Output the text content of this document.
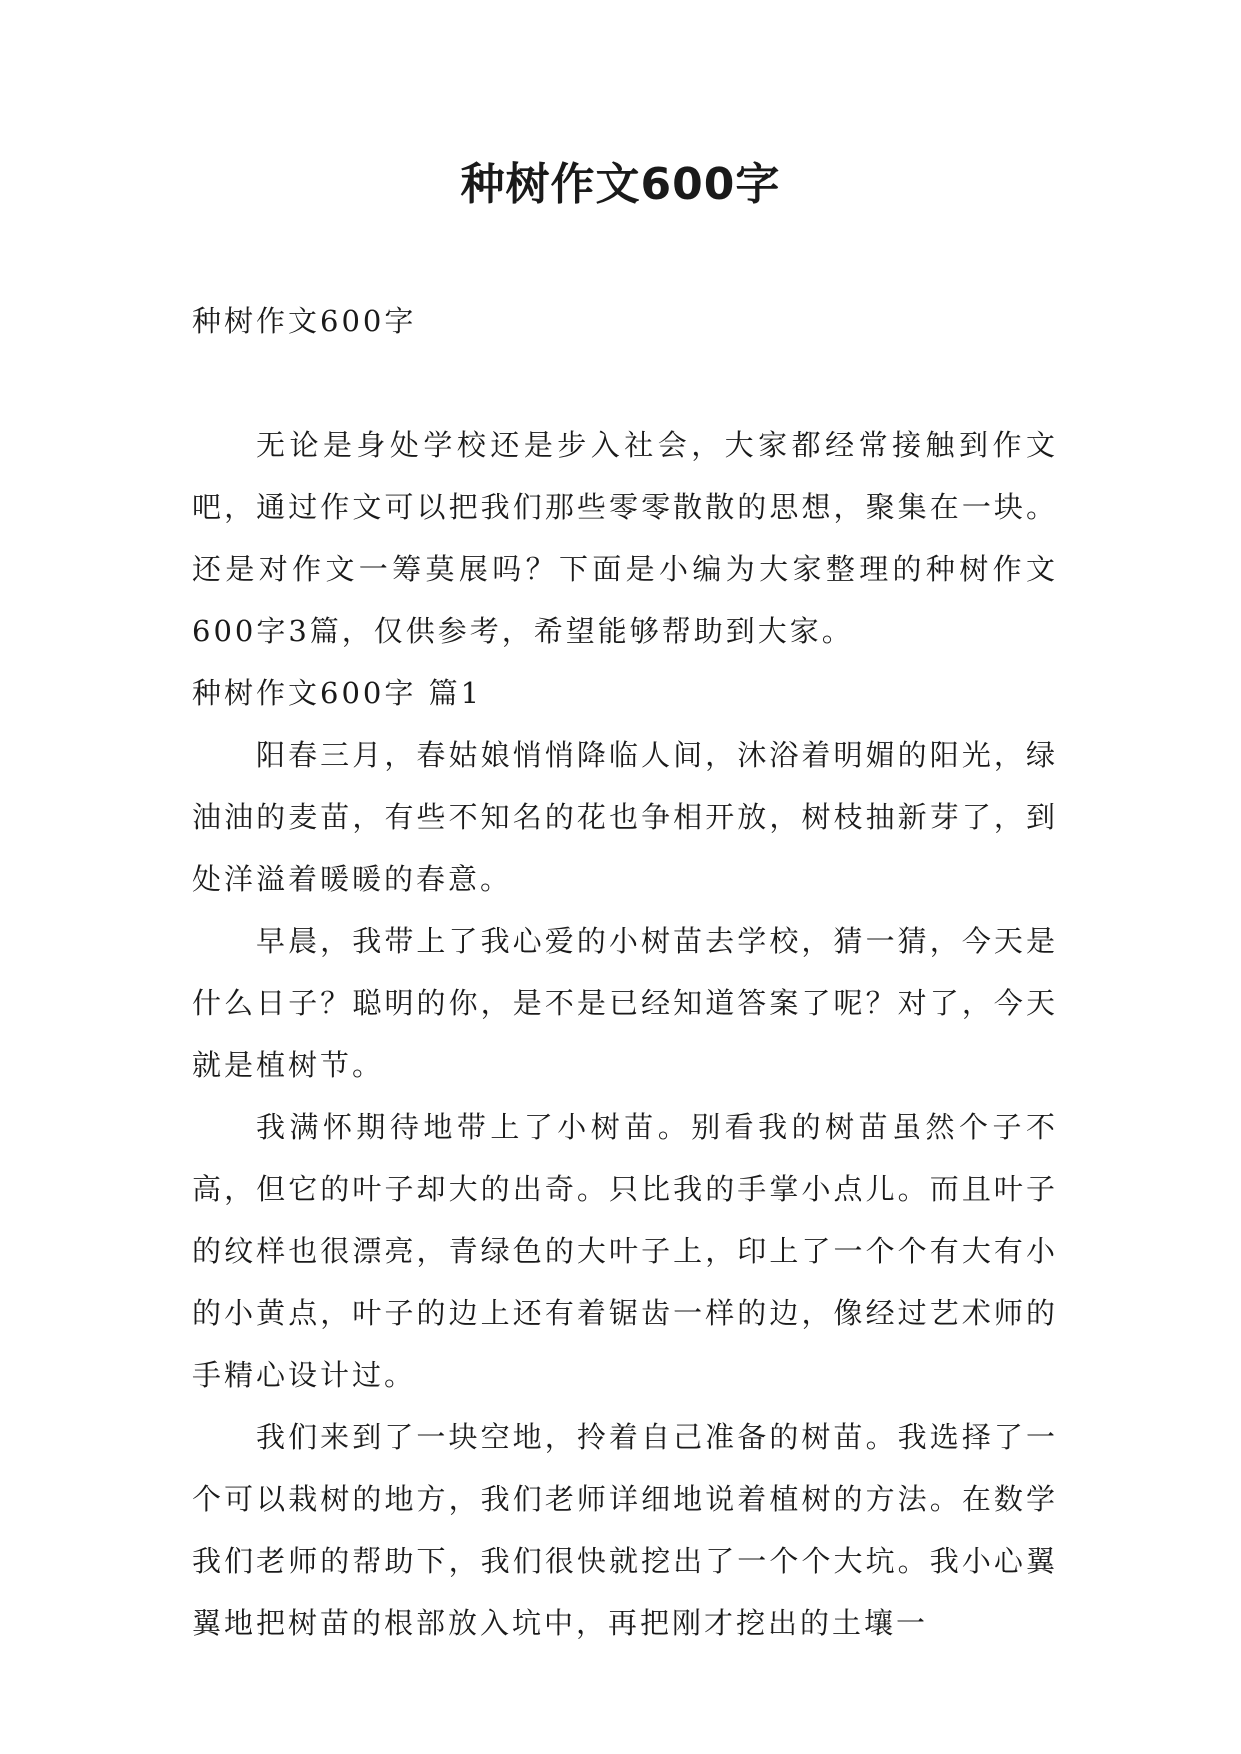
种树作文600字

种树作文600字

无论是身处学校还是步入社会，大家都经常接触到作文吧，通过作文可以把我们那些零零散散的思想，聚集在一块。还是对作文一筹莫展吗？下面是小编为大家整理的种树作文600字3篇，仅供参考，希望能够帮助到大家。

种树作文600字 篇1

阳春三月，春姑娘悄悄降临人间，沐浴着明媚的阳光，绿油油的麦苗，有些不知名的花也争相开放，树枝抽新芽了，到处洋溢着暖暖的春意。

早晨，我带上了我心爱的小树苗去学校，猜一猜，今天是什么日子？聪明的你，是不是已经知道答案了呢？对了，今天就是植树节。

我满怀期待地带上了小树苗。别看我的树苗虽然个子不高，但它的叶子却大的出奇。只比我的手掌小点儿。而且叶子的纹样也很漂亮，青绿色的大叶子上，印上了一个个有大有小的小黄点，叶子的边上还有着锯齿一样的边，像经过艺术师的手精心设计过。

我们来到了一块空地，拎着自己准备的树苗。我选择了一个可以栽树的地方，我们老师详细地说着植树的方法。在数学我们老师的帮助下，我们很快就挖出了一个个大坑。我小心翼翼地把树苗的根部放入坑中，再把刚才挖出的土壤一
